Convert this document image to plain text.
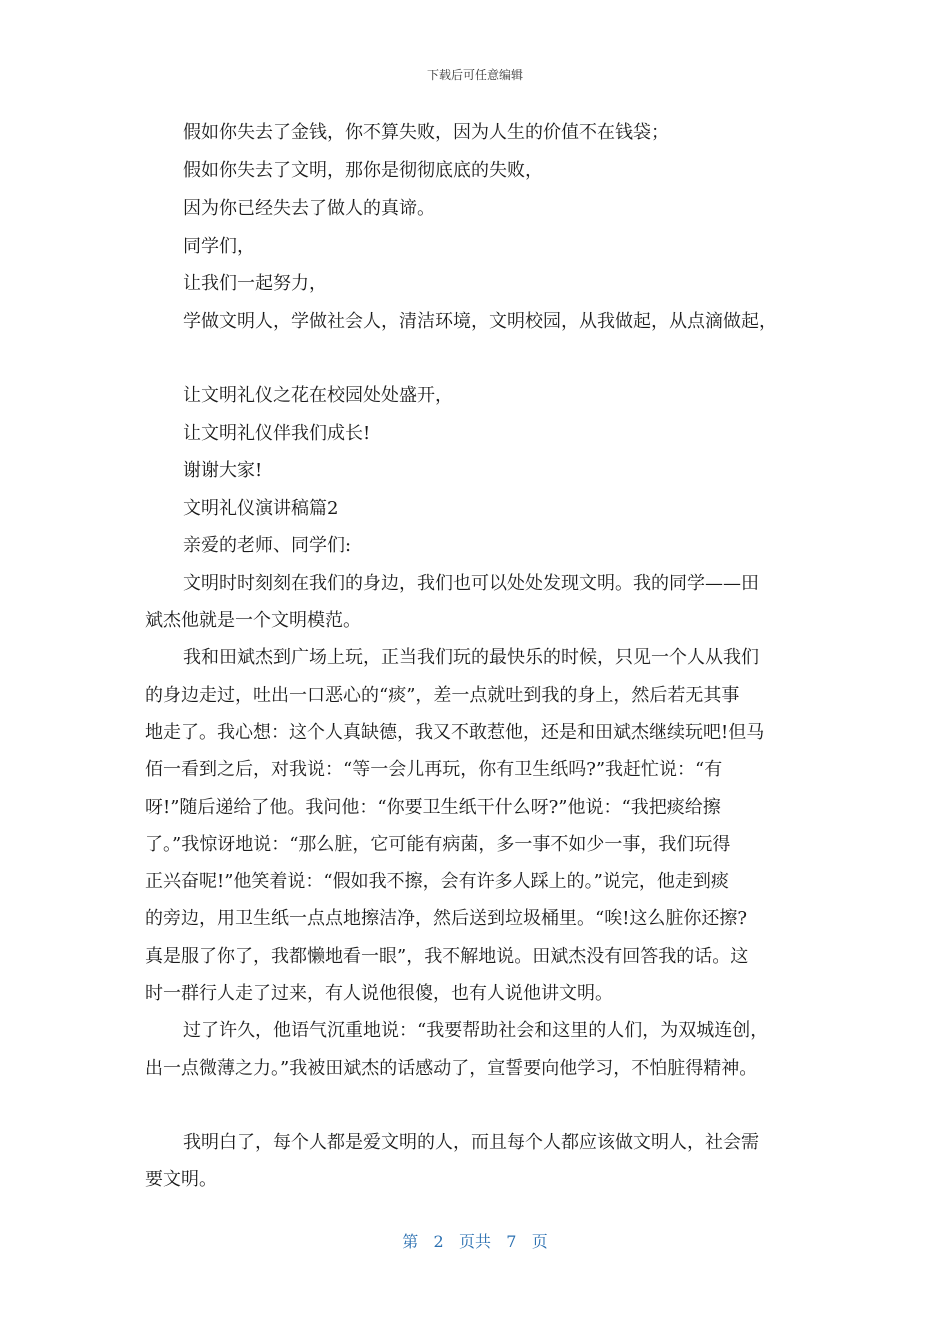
下载后可任意编辑
假如你失去了金钱，你不算失败，因为人生的价值不在钱袋；
假如你失去了文明，那你是彻彻底底的失败，
因为你已经失去了做人的真谛。
同学们，
让我们一起努力，
学做文明人，学做社会人，清洁环境，文明校园，从我做起，从点滴做起，
让文明礼仪之花在校园处处盛开，
让文明礼仪伴我们成长!
谢谢大家!
文明礼仪演讲稿篇2
亲爱的老师、同学们:
文明时时刻刻在我们的身边，我们也可以处处发现文明。我的同学——田
斌杰他就是一个文明模范。
我和田斌杰到广场上玩，正当我们玩的最快乐的时候，只见一个人从我们
的身边走过，吐出一口恶心的“痰”，差一点就吐到我的身上，然后若无其事
地走了。我心想：这个人真缺德，我又不敢惹他，还是和田斌杰继续玩吧!但马
佰一看到之后，对我说：“等一会儿再玩，你有卫生纸吗?”我赶忙说：“有
呀!”随后递给了他。我问他：“你要卫生纸干什么呀?”他说：“我把痰给擦
了。”我惊讶地说：“那么脏，它可能有病菌，多一事不如少一事，我们玩得
正兴奋呢!”他笑着说：“假如我不擦，会有许多人踩上的。”说完，他走到痰
的旁边，用卫生纸一点点地擦洁净，然后送到垃圾桶里。“唉!这么脏你还擦?
真是服了你了，我都懒地看一眼”，我不解地说。田斌杰没有回答我的话。这
时一群行人走了过来，有人说他很傻，也有人说他讲文明。
过了许久，他语气沉重地说：“我要帮助社会和这里的人们，为双城连创，
出一点微薄之力。”我被田斌杰的话感动了，宣誓要向他学习，不怕脏得精神。
我明白了，每个人都是爱文明的人，而且每个人都应该做文明人，社会需
要文明。
第 2 页共 7 页
